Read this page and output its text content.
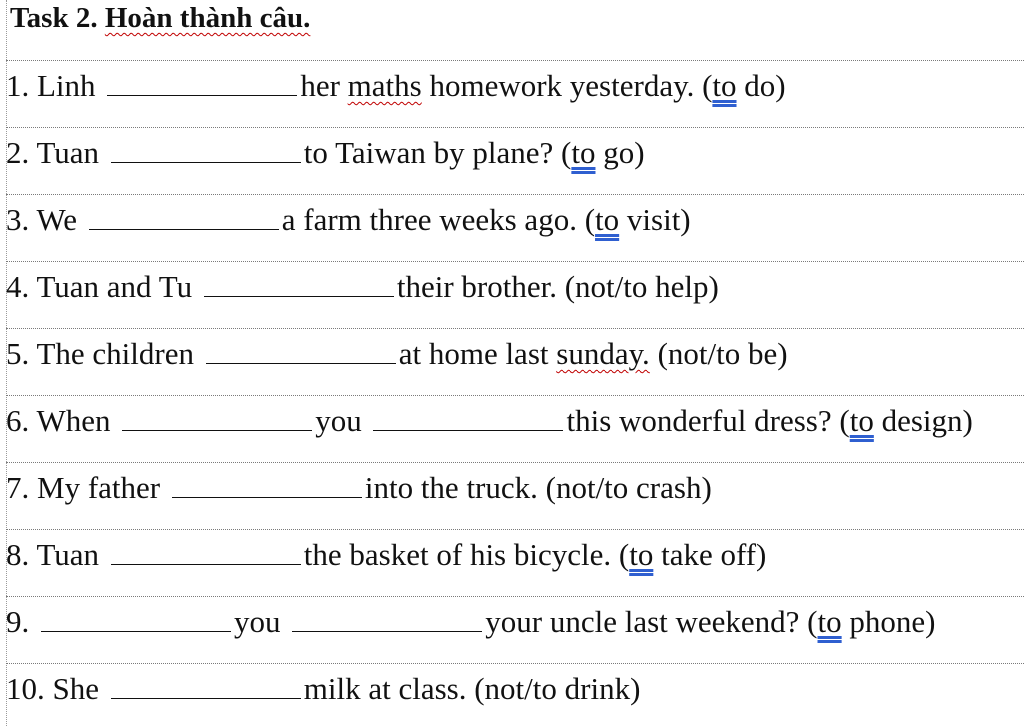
Task 2. Hoàn thành câu.
1. Linh	her maths homework yesterday. (to do)
2. Tuan	to Taiwan by plane? (to go)
3. We	a farm three weeks ago. (to visit)
4. Tuan and Tu	their brother. (not/to help)
5. The children	at home last sunday. (not/to be)
6. When	you	this wonderful dress? (to design)
7. My father	into the truck. (not/to crash)
8. Tuan	the basket of his bicycle. (to take off)
9.	you	your uncle last weekend? (to phone)
10. She	milk at class. (not/to drink)
